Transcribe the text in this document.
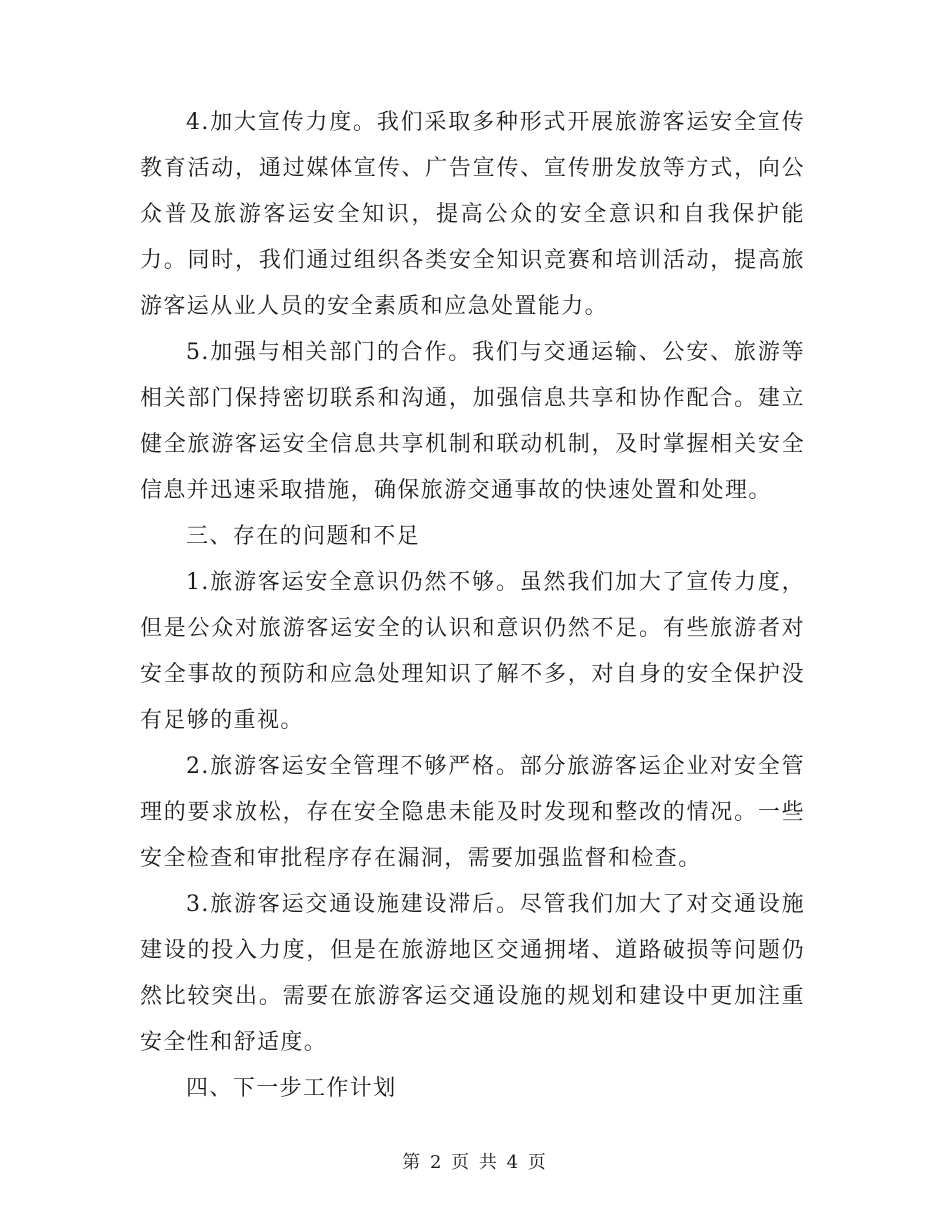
4.加大宣传力度。我们采取多种形式开展旅游客运安全宣传教育活动，通过媒体宣传、广告宣传、宣传册发放等方式，向公众普及旅游客运安全知识，提高公众的安全意识和自我保护能力。同时，我们通过组织各类安全知识竞赛和培训活动，提高旅游客运从业人员的安全素质和应急处置能力。

5.加强与相关部门的合作。我们与交通运输、公安、旅游等相关部门保持密切联系和沟通，加强信息共享和协作配合。建立健全旅游客运安全信息共享机制和联动机制，及时掌握相关安全信息并迅速采取措施，确保旅游交通事故的快速处置和处理。

三、存在的问题和不足

1.旅游客运安全意识仍然不够。虽然我们加大了宣传力度，但是公众对旅游客运安全的认识和意识仍然不足。有些旅游者对安全事故的预防和应急处理知识了解不多，对自身的安全保护没有足够的重视。

2.旅游客运安全管理不够严格。部分旅游客运企业对安全管理的要求放松，存在安全隐患未能及时发现和整改的情况。一些安全检查和审批程序存在漏洞，需要加强监督和检查。

3.旅游客运交通设施建设滞后。尽管我们加大了对交通设施建设的投入力度，但是在旅游地区交通拥堵、道路破损等问题仍然比较突出。需要在旅游客运交通设施的规划和建设中更加注重安全性和舒适度。

四、下一步工作计划

第 2 页 共 4 页
